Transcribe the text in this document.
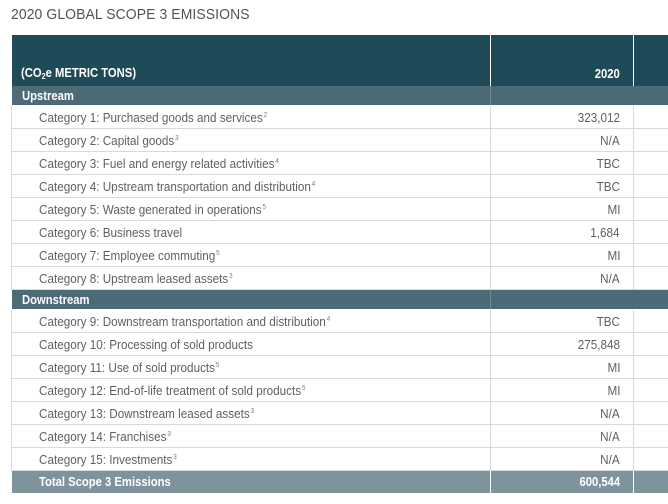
2020 GLOBAL SCOPE 3 EMISSIONS
($CO_2e$ METRIC TONS)	2020	
Upstream		
Category 1: Purchased goods and services$^2$	323,012	
Category 2: Capital goods$^3$	N/A	
Category 3: Fuel and energy related activities$^4$	TBC	
Category 4: Upstream transportation and distribution$^4$	TBC	
Category 5: Waste generated in operations$^5$	MI	
Category 6: Business travel	1,684	
Category 7: Employee commuting$^5$	MI	
Category 8: Upstream leased assets$^3$	N/A	
Downstream		
Category 9: Downstream transportation and distribution$^4$	TBC	
Category 10: Processing of sold products	275,848	
Category 11: Use of sold products$^5$	MI	
Category 12: End-of-life treatment of sold products$^5$	MI	
Category 13: Downstream leased assets$^3$	N/A	
Category 14: Franchises$^3$	N/A	
Category 15: Investments$^3$	N/A	
Total Scope 3 Emissions	600,544	
